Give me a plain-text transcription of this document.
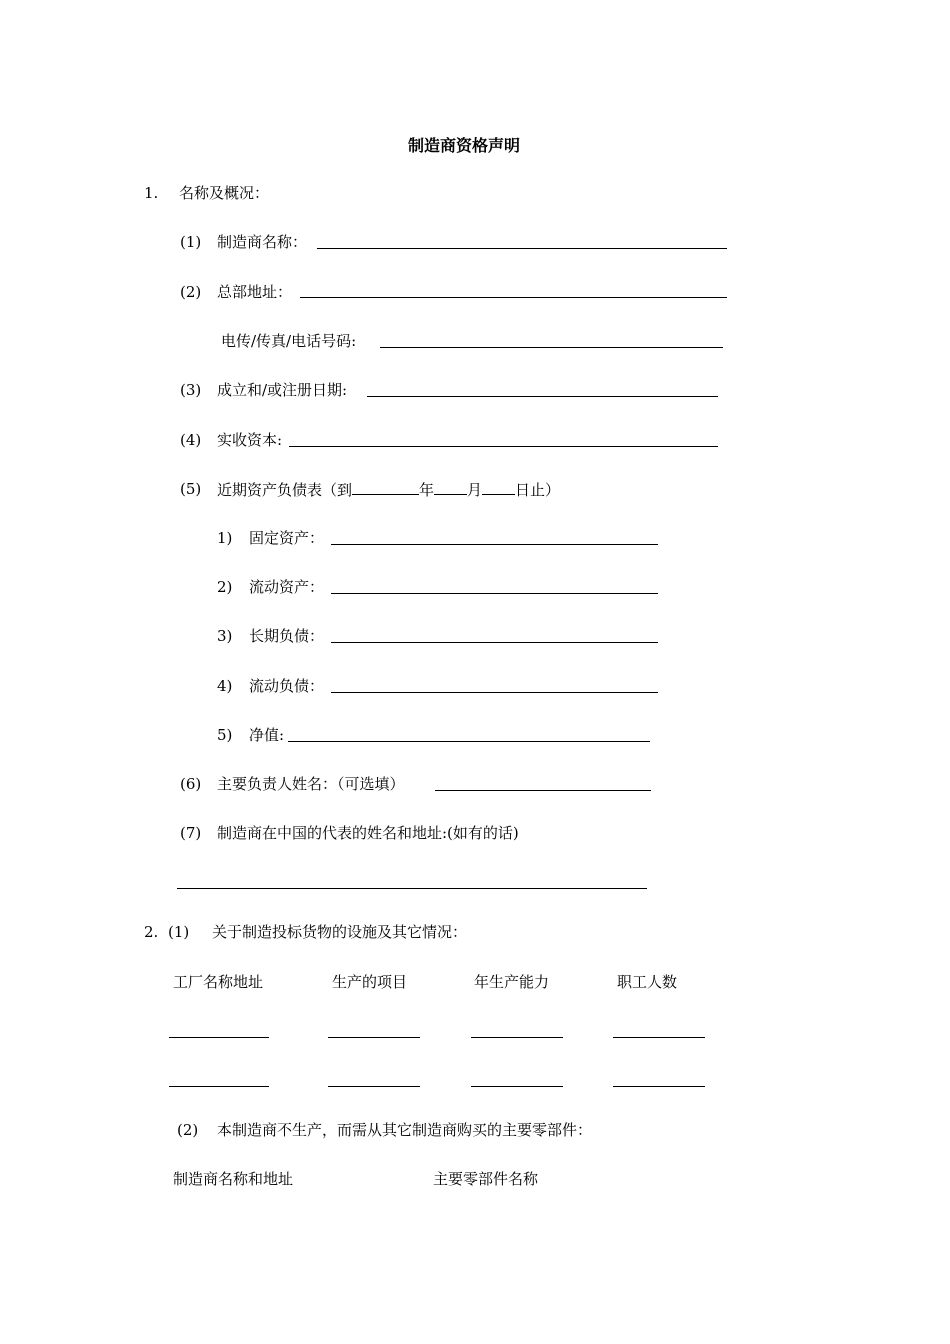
制造商资格声明
1. 名称及概况：
(1) 制造商名称：
(2) 总部地址：
电传/传真/电话号码:
(3) 成立和/或注册日期:
(4) 实收资本:
(5) 近期资产负债表（到	年 月 日止）
1) 固定资产：
2) 流动资产：
3) 长期负债：
4) 流动负债：
5) 净值:
(6) 主要负责人姓名：（可选填）
(7) 制造商在中国的代表的姓名和地址:(如有的话)
2. (1) 关于制造投标货物的设施及其它情况：
工厂名称地址	生产的项目	年生产能力	职工人数
(2) 本制造商不生产，而需从其它制造商购买的主要零部件：
制造商名称和地址	主要零部件名称
